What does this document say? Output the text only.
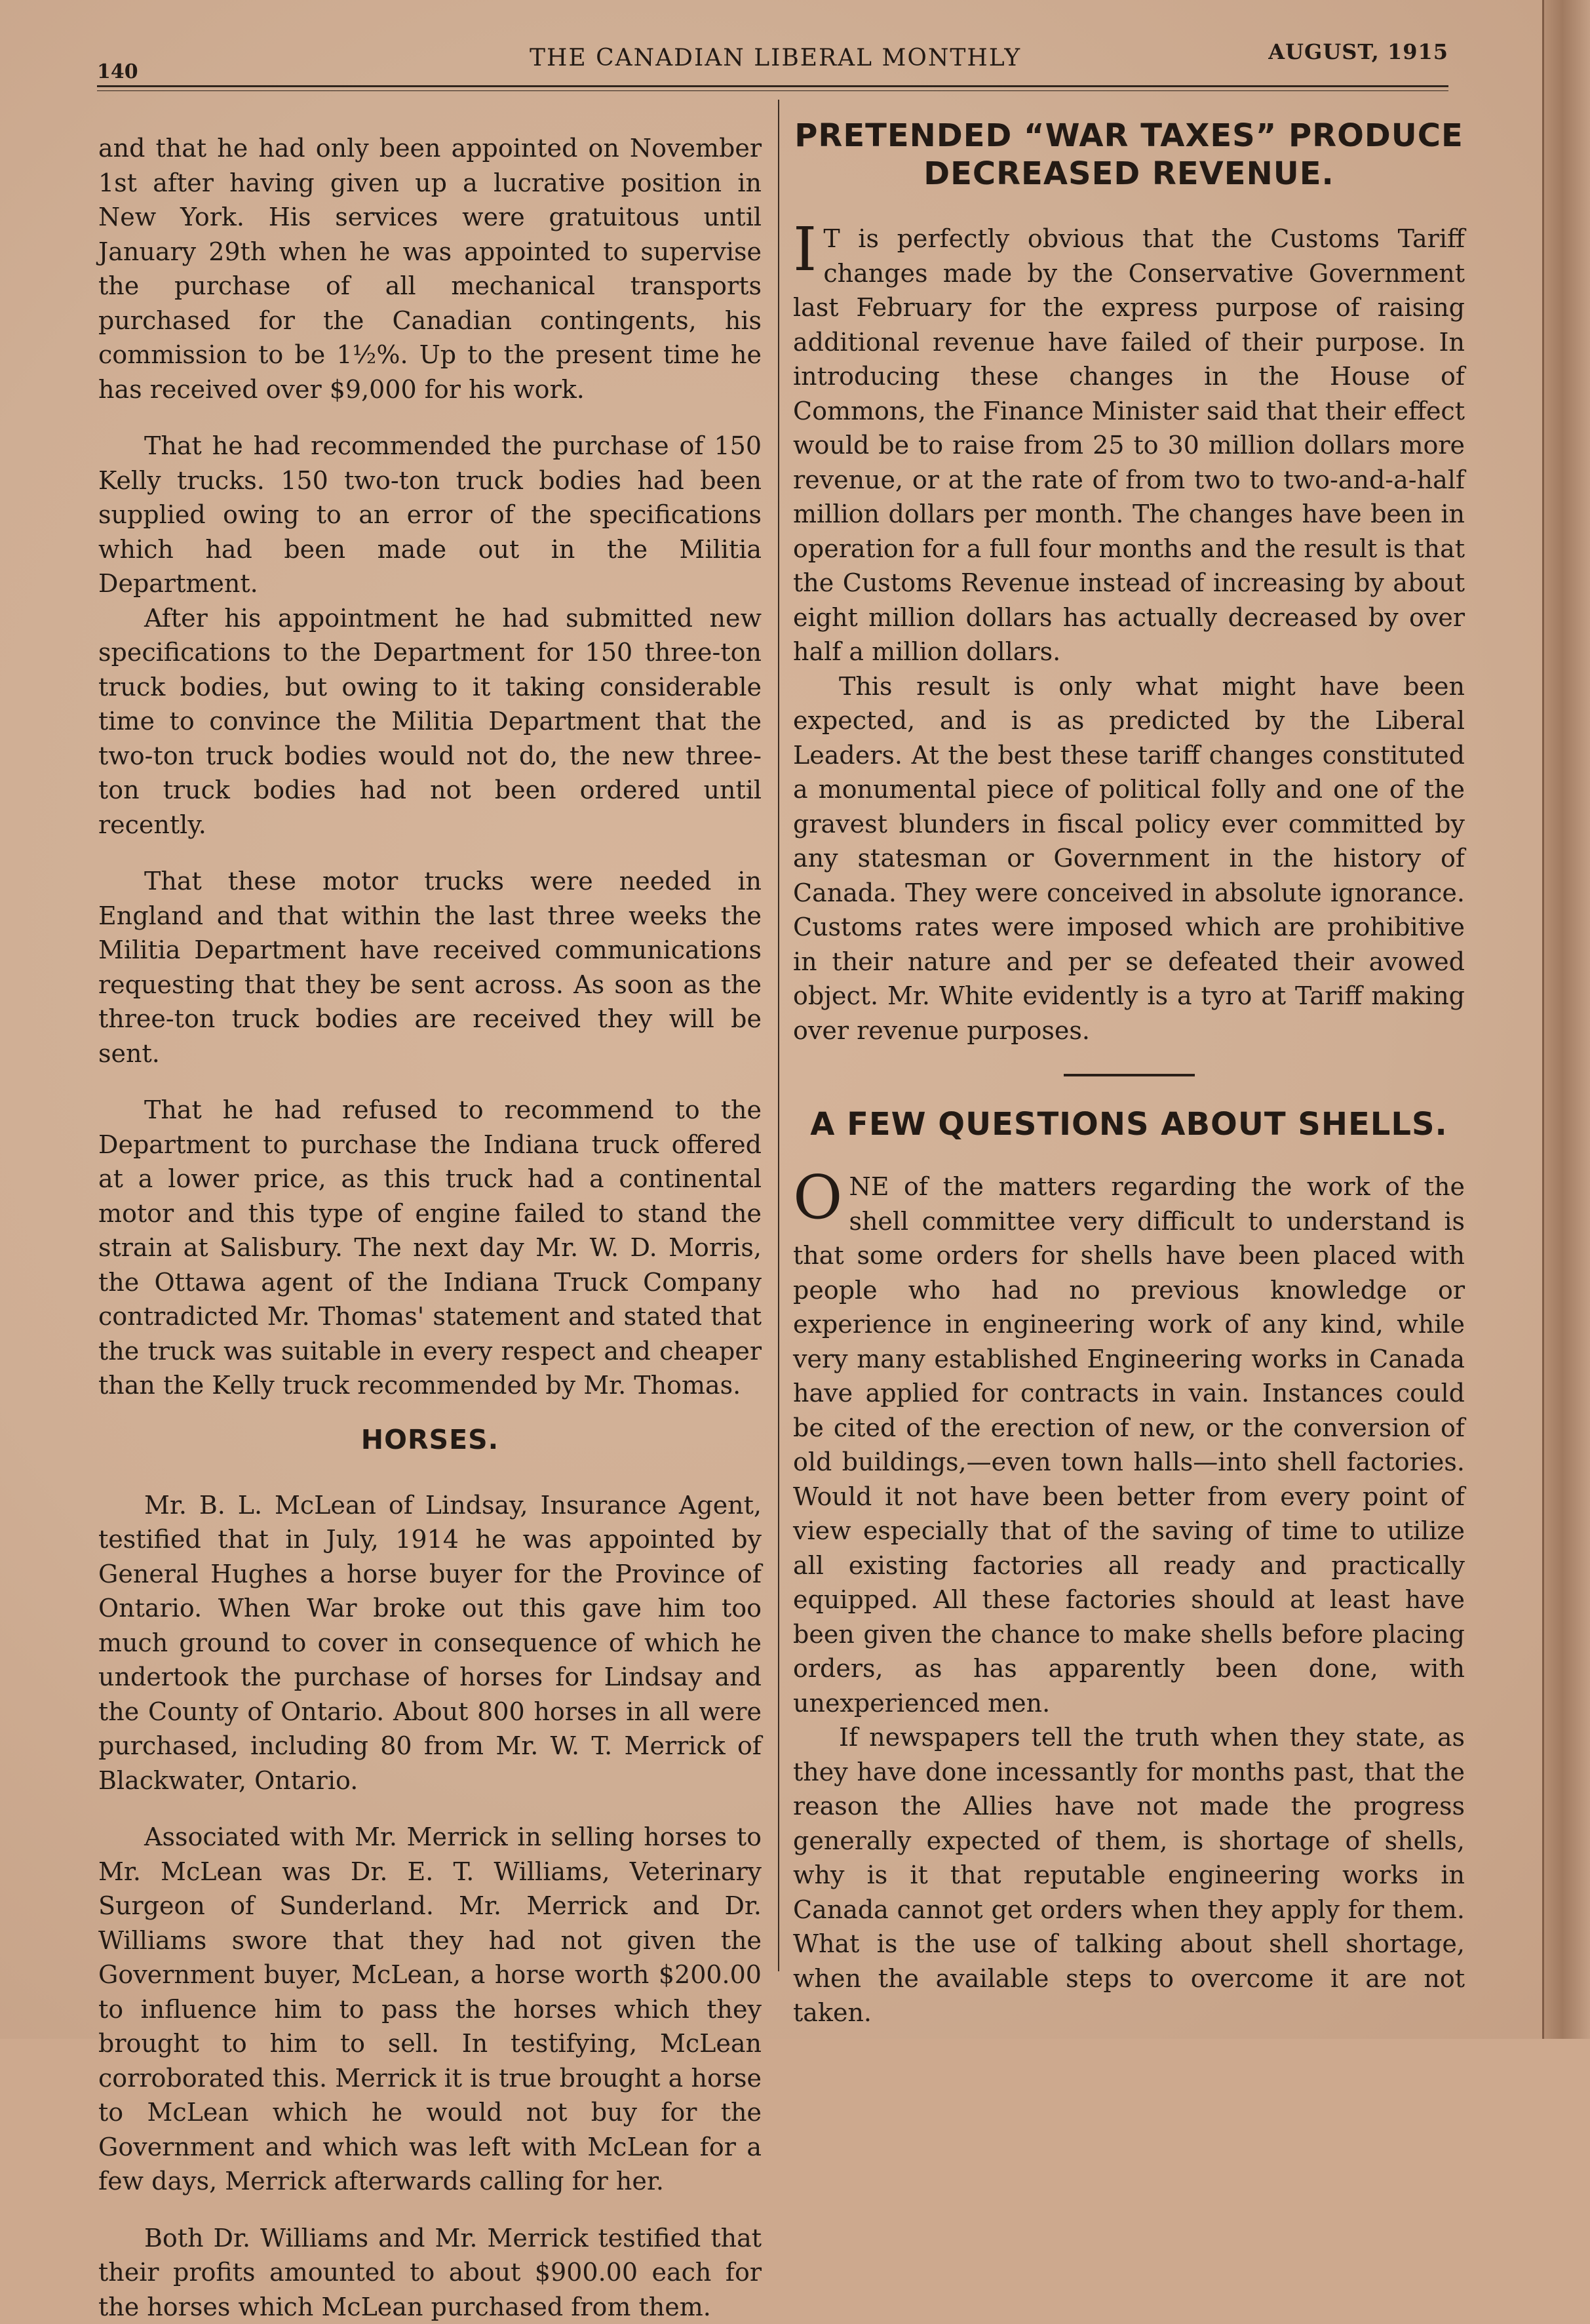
140
THE CANADIAN LIBERAL MONTHLY	AUGUST, 1915

and that he had only been appointed on November 1st after having given up a lucrative position in New York. His services were gratuitous until January 29th when he was appointed to supervise the purchase of all mechanical transports purchased for the Canadian contingents, his commission to be 1½%. Up to the present time he has received over $9,000 for his work.

That he had recommended the purchase of 150 Kelly trucks. 150 two-ton truck bodies had been supplied owing to an error of the specifications which had been made out in the Militia Department.

After his appointment he had submitted new specifications to the Department for 150 three-ton truck bodies, but owing to it taking considerable time to convince the Militia Department that the two-ton truck bodies would not do, the new three-ton truck bodies had not been ordered until recently.

That these motor trucks were needed in England and that within the last three weeks the Militia Department have received communications requesting that they be sent across. As soon as the three-ton truck bodies are received they will be sent.

That he had refused to recommend to the Department to purchase the Indiana truck offered at a lower price, as this truck had a continental motor and this type of engine failed to stand the strain at Salisbury. The next day Mr. W. D. Morris, the Ottawa agent of the Indiana Truck Company contradicted Mr. Thomas' statement and stated that the truck was suitable in every respect and cheaper than the Kelly truck recommended by Mr. Thomas.

HORSES.

Mr. B. L. McLean of Lindsay, Insurance Agent, testified that in July, 1914 he was appointed by General Hughes a horse buyer for the Province of Ontario. When War broke out this gave him too much ground to cover in consequence of which he undertook the purchase of horses for Lindsay and the County of Ontario. About 800 horses in all were purchased, including 80 from Mr. W. T. Merrick of Blackwater, Ontario.

Associated with Mr. Merrick in selling horses to Mr. McLean was Dr. E. T. Williams, Veterinary Surgeon of Sunderland. Mr. Merrick and Dr. Williams swore that they had not given the Government buyer, McLean, a horse worth $200.00 to influence him to pass the horses which they brought to him to sell. In testifying, McLean corroborated this. Merrick it is true brought a horse to McLean which he would not buy for the Government and which was left with McLean for a few days, Merrick afterwards calling for her.

Both Dr. Williams and Mr. Merrick testified that their profits amounted to about $900.00 each for the horses which McLean purchased from them.

PRETENDED “WAR TAXES” PRODUCE DECREASED REVENUE.

I T is perfectly obvious that the Customs Tariff changes made by the Conservative Government last February for the express purpose of raising additional revenue have failed of their purpose. In introducing these changes in the House of Commons, the Finance Minister said that their effect would be to raise from 25 to 30 million dollars more revenue, or at the rate of from two to two-and-a-half million dollars per month. The changes have been in operation for a full four months and the result is that the Customs Revenue instead of increasing by about eight million dollars has actually decreased by over half a million dollars.

This result is only what might have been expected, and is as predicted by the Liberal Leaders. At the best these tariff changes constituted a monumental piece of political folly and one of the gravest blunders in fiscal policy ever committed by any statesman or Government in the history of Canada. They were conceived in absolute ignorance. Customs rates were imposed which are prohibitive in their nature and per se defeated their avowed object. Mr. White evidently is a tyro at Tariff making over revenue purposes.

A FEW QUESTIONS ABOUT SHELLS.

ONE of the matters regarding the work of the shell committee very difficult to understand is that some orders for shells have been placed with people who had no previous knowledge or experience in engineering work of any kind, while very many established Engineering works in Canada have applied for contracts in vain. Instances could be cited of the erection of new, or the conversion of old buildings,—even town halls—into shell factories. Would it not have been better from every point of view especially that of the saving of time to utilize all existing factories all ready and practically equipped. All these factories should at least have been given the chance to make shells before placing orders, as has apparently been done, with unexperienced men.

If newspapers tell the truth when they state, as they have done incessantly for months past, that the reason the Allies have not made the progress generally expected of them, is shortage of shells, why is it that reputable engineering works in Canada cannot get orders when they apply for them. What is the use of talking about shell shortage, when the available steps to overcome it are not taken.
